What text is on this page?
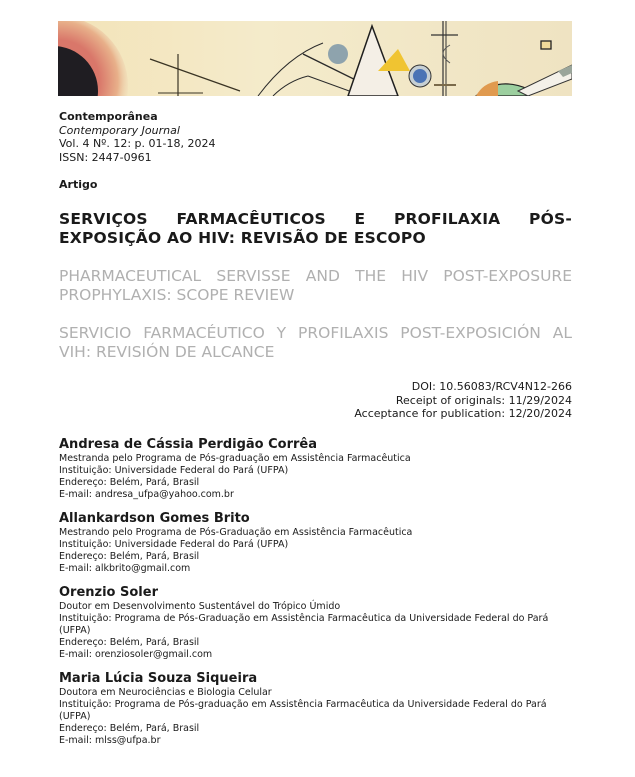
Contemporânea
Contemporary Journal
Vol. 4 Nº. 12: p. 01-18, 2024
ISSN: 2447-0961
Artigo
SERVIÇOS FARMACÊUTICOS E PROFILAXIA PÓS-EXPOSIÇÃO AO HIV: REVISÃO DE ESCOPO
PHARMACEUTICAL SERVISSE AND THE HIV POST-EXPOSURE PROPHYLAXIS: SCOPE REVIEW
SERVICIO FARMACÉUTICO Y PROFILAXIS POST-EXPOSICIÓN AL VIH: REVISIÓN DE ALCANCE
DOI: 10.56083/RCV4N12-266
Receipt of originals: 11/29/2024
Acceptance for publication: 12/20/2024
Andresa de Cássia Perdigão Corrêa
Mestranda pelo Programa de Pós-graduação em Assistência Farmacêutica
Instituição: Universidade Federal do Pará (UFPA)
Endereço: Belém, Pará, Brasil
E-mail: andresa_ufpa@yahoo.com.br
Allankardson Gomes Brito
Mestrando pelo Programa de Pós-Graduação em Assistência Farmacêutica
Instituição: Universidade Federal do Pará (UFPA)
Endereço: Belém, Pará, Brasil
E-mail: alkbrito@gmail.com
Orenzio Soler
Doutor em Desenvolvimento Sustentável do Trópico Úmido
Instituição: Programa de Pós-Graduação em Assistência Farmacêutica da Universidade Federal do Pará (UFPA)
Endereço: Belém, Pará, Brasil
E-mail: orenziosoler@gmail.com
Maria Lúcia Souza Siqueira
Doutora em Neurociências e Biologia Celular
Instituição: Programa de Pós-graduação em Assistência Farmacêutica da Universidade Federal do Pará (UFPA)
Endereço: Belém, Pará, Brasil
E-mail: mlss@ufpa.br
